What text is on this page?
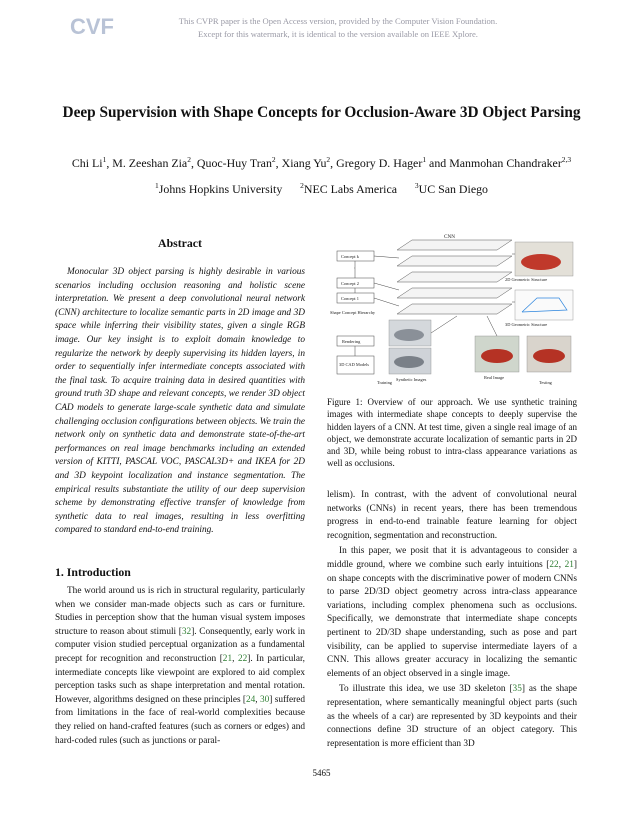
CVF	This CVPR paper is the Open Access version, provided by the Computer Vision Foundation.
Except for this watermark, it is identical to the version available on IEEE Xplore.
Deep Supervision with Shape Concepts for Occlusion-Aware 3D Object Parsing
Chi Li$^1$, M. Zeeshan Zia$^2$, Quoc-Huy Tran$^2$, Xiang Yu$^2$, Gregory D. Hager$^1$ and Manmohan Chandraker$^{2,3}$
$^1$Johns Hopkins University $^2$NEC Labs America $^3$UC San Diego
Abstract

Monocular 3D object parsing is highly desirable in various scenarios including occlusion reasoning and holistic scene interpretation. We present a deep convolutional neural network (CNN) architecture to localize semantic parts in 2D image and 3D space while inferring their visibility states, given a single RGB image. Our key insight is to exploit domain knowledge to regularize the network by deeply supervising its hidden layers, in order to sequentially infer intermediate concepts associated with the final task. To acquire training data in desired quantities with ground truth 3D shape and relevant concepts, we render 3D object CAD models to generate large-scale synthetic data and simulate challenging occlusion configurations between objects. We train the network only on synthetic data and demonstrate state-of-the-art performances on real image benchmarks including an extended version of KITTI, PASCAL VOC, PASCAL3D+ and IKEA for 2D and 3D keypoint localization and instance segmentation. The empirical results substantiate the utility of our deep supervision scheme by demonstrating effective transfer of knowledge from synthetic data to real images, resulting in less overfitting compared to standard end-to-end training.

1. Introduction

The world around us is rich in structural regularity, particularly when we consider man-made objects such as cars or furniture. Studies in perception show that the human visual system imposes structure to reason about stimuli [32]. Consequently, early work in computer vision studied perceptual organization as a fundamental precept for recognition and reconstruction [21, 22]. In particular, intermediate concepts like viewpoint are explored to aid complex perception tasks such as shape interpretation and mental rotation. However, algorithms designed on these principles [24, 30] suffered from limitations in the face of real-world complexities because they relied on hand-crafted features (such as corners or edges) and hard-coded rules (such as junctions or paral-

Concept k
:
Concept 2
Concept 1
Shape Concept Hierarchy
Rendering
3D CAD Models
Training
Synthetic Images
CNN
2D Geometric Structure
3D Geometric Structure
Real Image
Testing
Figure 1: Overview of our approach. We use synthetic training images with intermediate shape concepts to deeply supervise the hidden layers of a CNN. At test time, given a single real image of an object, we demonstrate accurate localization of semantic parts in 2D and 3D, while being robust to intra-class appearance variations as well as occlusions.

lelism). In contrast, with the advent of convolutional neural networks (CNNs) in recent years, there has been tremendous progress in end-to-end trainable feature learning for object recognition, segmentation and reconstruction.

In this paper, we posit that it is advantageous to consider a middle ground, where we combine such early intuitions [22, 21] on shape concepts with the discriminative power of modern CNNs to parse 2D/3D object geometry across intra-class appearance variations, including complex phenomena such as occlusions. Specifically, we demonstrate that intermediate shape concepts pertinent to 2D/3D shape understanding, such as pose and part visibility, can be applied to supervise intermediate layers of a CNN. This allows greater accuracy in localizing the semantic elements of an object observed in a single image.

To illustrate this idea, we use 3D skeleton [35] as the shape representation, where semantically meaningful object parts (such as the wheels of a car) are represented by 3D keypoints and their connections define 3D structure of an object category. This representation is more efficient than 3D

5465
